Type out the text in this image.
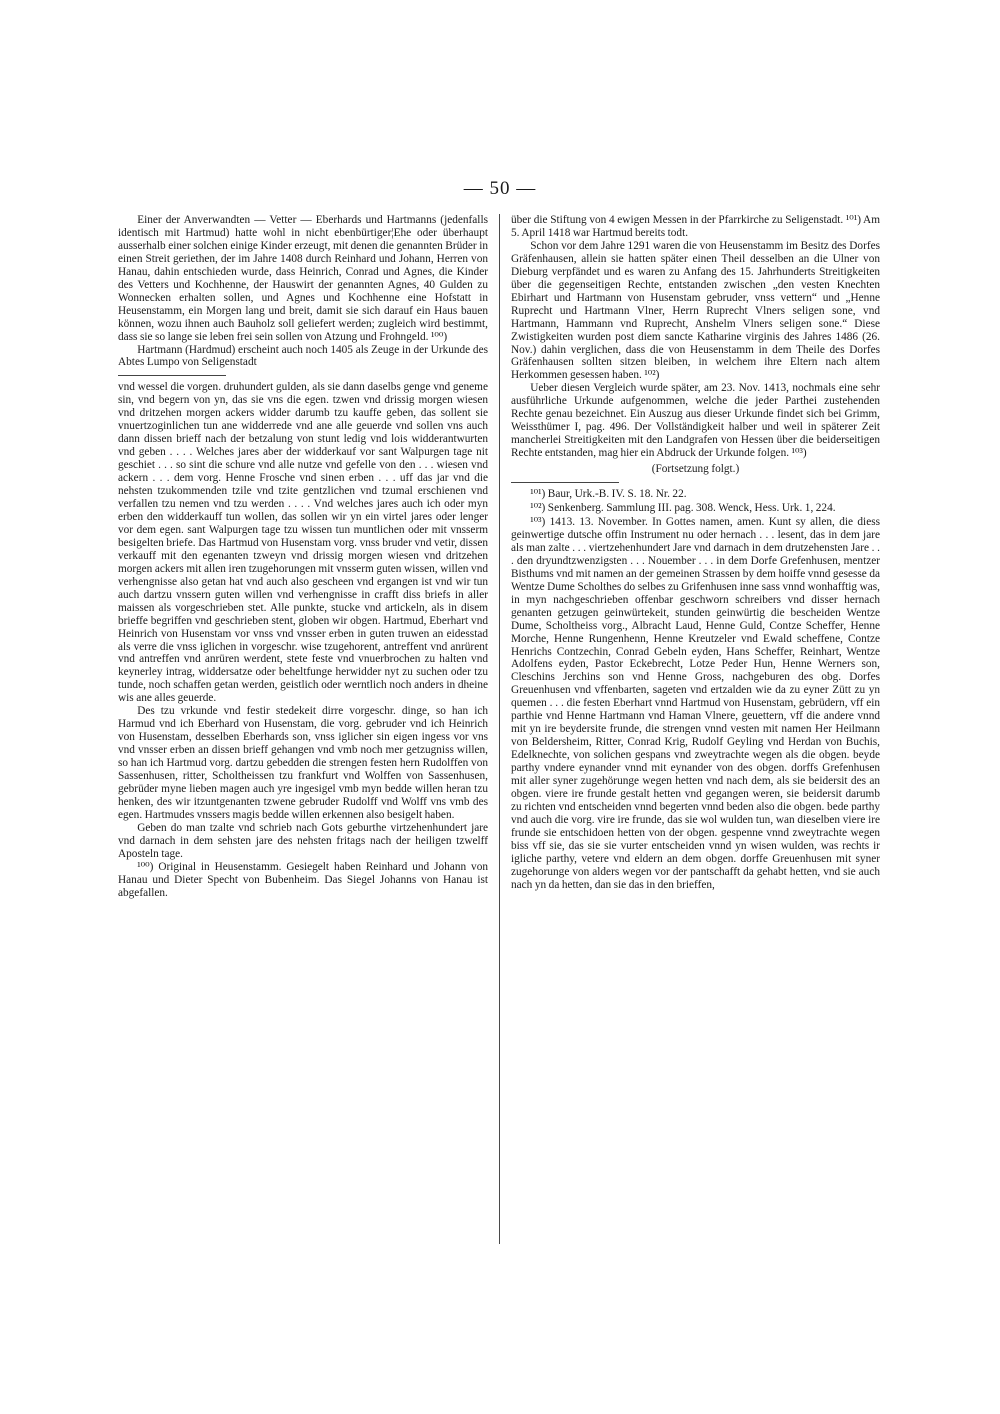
— 50 —

Einer der Anverwandten — Vetter — Eberhards und Hartmanns (jedenfalls identisch mit Hartmud) hatte wohl in nicht ebenbürtiger¦Ehe oder überhaupt ausserhalb einer solchen einige Kinder erzeugt, mit denen die genannten Brüder in einen Streit geriethen, der im Jahre 1408 durch Reinhard und Johann, Herren von Hanau, dahin entschieden wurde, dass Heinrich, Conrad und Agnes, die Kinder des Vetters und Kochhenne, der Hauswirt der genannten Agnes, 40 Gulden zu Wonnecken erhalten sollen, und Agnes und Kochhenne eine Hofstatt in Heusenstamm, ein Morgen lang und breit, damit sie sich darauf ein Haus bauen können, wozu ihnen auch Bauholz soll geliefert werden; zugleich wird bestimmt, dass sie so lange sie leben frei sein sollen von Atzung und Frohngeld. ¹⁰⁰)

Hartmann (Hardmud) erscheint auch noch 1405 als Zeuge in der Urkunde des Abtes Lumpo von Seligenstadt

vnd wessel die vorgen. druhundert gulden, als sie dann daselbs genge vnd geneme sin, vnd begern von yn, das sie vns die egen. tzwen vnd drissig morgen wiesen vnd dritzehen morgen ackers widder darumb tzu kauffe geben, das sollent sie vnuertzoginlichen tun ane widderrede vnd ane alle geuerde vnd sollen vns auch dann dissen brieff nach der betzalung von stunt ledig vnd lois widderantwurten vnd geben . . . . Welches jares aber der widderkauf vor sant Walpurgen tage nit geschiet . . . so sint die schure vnd alle nutze vnd gefelle von den . . . wiesen vnd ackern . . . dem vorg. Henne Frosche vnd sinen erben . . . uff das jar vnd die nehsten tzukommenden tzile vnd tzite gentzlichen vnd tzumal erschienen vnd verfallen tzu nemen vnd tzu werden . . . . Vnd welches jares auch ich oder myn erben den widderkauff tun wollen, das sollen wir yn ein virtel jares oder lenger vor dem egen. sant Walpurgen tage tzu wissen tun muntlichen oder mit vnsserm besigelten briefe. Das Hartmud von Husenstam vorg. vnss bruder vnd vetir, dissen verkauff mit den egenanten tzweyn vnd drissig morgen wiesen vnd dritzehen morgen ackers mit allen iren tzugehorungen mit vnsserm guten wissen, willen vnd verhengnisse also getan hat vnd auch also gescheen vnd ergangen ist vnd wir tun auch dartzu vnssern guten willen vnd verhengnisse in crafft diss briefs in aller maissen als vorgeschrieben stet. Alle punkte, stucke vnd artickeln, als in disem brieffe begriffen vnd geschrieben stent, globen wir obgen. Hartmud, Eberhart vnd Heinrich von Husenstam vor vnss vnd vnsser erben in guten truwen an eidesstad als verre die vnss iglichen in vorgeschr. wise tzugehorent, antreffent vnd anrürent vnd antreffen vnd anrüren werdent, stete feste vnd vnuerbrochen zu halten vnd keynerley intrag, widdersatze oder beheltfunge herwidder nyt zu suchen oder tzu tunde, noch schaffen getan werden, geistlich oder werntlich noch anders in dheine wis ane alles geuerde.

Des tzu vrkunde vnd festir stedekeit dirre vorgeschr. dinge, so han ich Harmud vnd ich Eberhard von Husenstam, die vorg. gebruder vnd ich Heinrich von Husenstam, desselben Eberhards son, vnss iglicher sin eigen ingess vor vns vnd vnsser erben an dissen brieff gehangen vnd vmb noch mer getzugniss willen, so han ich Hartmud vorg. dartzu gebedden die strengen festen hern Rudolffen von Sassenhusen, ritter, Scholtheissen tzu frankfurt vnd Wolffen von Sassenhusen, gebrüder myne lieben magen auch yre ingesigel vmb myn bedde willen heran tzu henken, des wir itzuntgenanten tzwene gebruder Rudolff vnd Wolff vns vmb des egen. Hartmudes vnssers magis bedde willen erkennen also besigelt haben.

Geben do man tzalte vnd schrieb nach Gots geburthe virtzehenhundert jare vnd darnach in dem sehsten jare des nehsten fritags nach der heiligen tzwelff Aposteln tage.

¹⁰⁰) Original in Heusenstamm. Gesiegelt haben Reinhard und Johann von Hanau und Dieter Specht von Bubenheim. Das Siegel Johanns von Hanau ist abgefallen.

über die Stiftung von 4 ewigen Messen in der Pfarrkirche zu Seligenstadt. ¹⁰¹) Am 5. April 1418 war Hartmud bereits todt.

Schon vor dem Jahre 1291 waren die von Heusenstamm im Besitz des Dorfes Gräfenhausen, allein sie hatten später einen Theil desselben an die Ulner von Dieburg verpfändet und es waren zu Anfang des 15. Jahrhunderts Streitigkeiten über die gegenseitigen Rechte, entstanden zwischen „den vesten Knechten Ebirhart und Hartmann von Husenstam gebruder, vnss vettern“ und „Henne Ruprecht und Hartmann Vlner, Herrn Ruprecht Vlners seligen sone, vnd Hartmann, Hammann vnd Ruprecht, Anshelm Vlners seligen sone.“ Diese Zwistigkeiten wurden post diem sancte Katharine virginis des Jahres 1486 (26. Nov.) dahin verglichen, dass die von Heusenstamm in dem Theile des Dorfes Gräfenhausen sollten sitzen bleiben, in welchem ihre Eltern nach altem Herkommen gesessen haben. ¹⁰²)

Ueber diesen Vergleich wurde später, am 23. Nov. 1413, nochmals eine sehr ausführliche Urkunde aufgenommen, welche die jeder Parthei zustehenden Rechte genau bezeichnet. Ein Auszug aus dieser Urkunde findet sich bei Grimm, Weissthümer I, pag. 496. Der Vollständigkeit halber und weil in späterer Zeit mancherlei Streitigkeiten mit den Landgrafen von Hessen über die beiderseitigen Rechte entstanden, mag hier ein Abdruck der Urkunde folgen. ¹⁰³)

(Fortsetzung folgt.)

¹⁰¹) Baur, Urk.-B. IV. S. 18. Nr. 22.

¹⁰²) Senkenberg. Sammlung III. pag. 308. Wenck, Hess. Urk. 1, 224.

¹⁰³) 1413. 13. November. In Gottes namen, amen. Kunt sy allen, die diess geinwertige dutsche offin Instrument nu oder hernach . . . lesent, das in dem jare als man zalte . . . viertzehenhundert Jare vnd darnach in dem drutzehensten Jare . . . den dryundtzwenzigsten . . . Nouember . . . in dem Dorfe Grefenhusen, mentzer Bisthums vnd mit namen an der gemeinen Strassen by dem hoiffe vnnd gesesse da Wentze Dume Scholthes do selbes zu Grifenhusen inne sass vnnd wonhafftig was, in myn nachgeschrieben offenbar geschworn schreibers vnd disser hernach genanten getzugen geinwürtekeit, stunden geinwürtig die bescheiden Wentze Dume, Scholtheiss vorg., Albracht Laud, Henne Guld, Contze Scheffer, Henne Morche, Henne Rungenhenn, Henne Kreutzeler vnd Ewald scheffene, Contze Henrichs Contzechin, Conrad Gebeln eyden, Hans Scheffer, Reinhart, Wentze Adolfens eyden, Pastor Eckebrecht, Lotze Peder Hun, Henne Werners son, Cleschins Jerchins son vnd Henne Gross, nachgeburen des obg. Dorfes Greuenhusen vnd vffenbarten, sageten vnd ertzalden wie da zu eyner Zütt zu yn quemen . . . die festen Eberhart vnnd Hartmud von Husenstam, gebrüdern, vff ein parthie vnd Henne Hartmann vnd Haman Vlnere, geuettern, vff die andere vnnd mit yn ire beydersite frunde, die strengen vnnd vesten mit namen Her Heilmann von Beldersheim, Ritter, Conrad Krig, Rudolf Geyling vnd Herdan von Buchis, Edelknechte, von solichen gespans vnd zweytrachte wegen als die obgen. beyde parthy vndere eynander vnnd mit eynander von des obgen. dorffs Grefenhusen mit aller syner zugehörunge wegen hetten vnd nach dem, als sie beidersit des an obgen. viere ire frunde gestalt hetten vnd gegangen weren, sie beidersit darumb zu richten vnd entscheiden vnnd begerten vnnd beden also die obgen. bede parthy vnd auch die vorg. vire ire frunde, das sie wol wulden tun, wan dieselben viere ire frunde sie entschidoen hetten von der obgen. gespenne vnnd zweytrachte wegen biss vff sie, das sie sie vurter entscheiden vnnd yn wisen wulden, was rechts ir igliche parthy, vetere vnd eldern an dem obgen. dorffe Greuenhusen mit syner zugehorunge von alders wegen vor der pantschafft da gehabt hetten, vnd sie auch nach yn da hetten, dan sie das in den brieffen,
